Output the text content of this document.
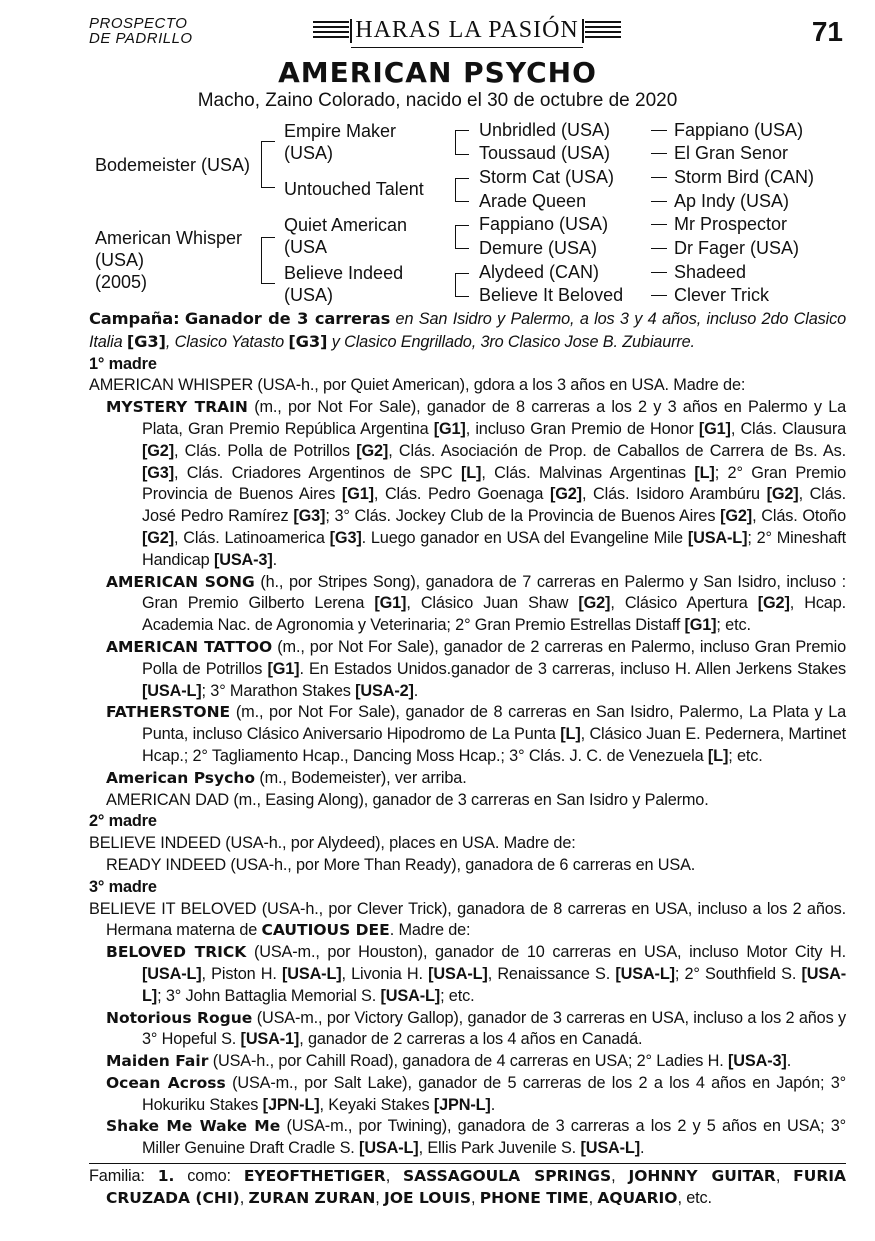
PROSPECTO
DE PADRILLO	HARAS LA PASIÓN	71
AMERICAN PSYCHO
Macho, Zaino Colorado, nacido el 30 de octubre de 2020
Bodemeister (USA)
American Whisper
(USA)
(2005)
Empire Maker
(USA)
Untouched Talent
Quiet American
(USA
Believe Indeed
(USA)
Unbridled (USA)
Toussaud (USA)
Storm Cat (USA)
Arade Queen
Fappiano (USA)
Demure (USA)
Alydeed (CAN)
Believe It Beloved
Fappiano (USA)
El Gran Senor
Storm Bird (CAN)
Ap Indy (USA)
Mr Prospector
Dr Fager (USA)
Shadeed
Clever Trick
Campaña: Ganador de 3 carreras en San Isidro y Palermo, a los 3 y 4 años, incluso 2do Clasico Italia [G3], Clasico Yatasto [G3] y Clasico Engrillado, 3ro Clasico Jose B. Zubiaurre.
1° madre
AMERICAN WHISPER (USA-h., por Quiet American), gdora a los 3 años en USA. Madre de:
MYSTERY TRAIN (m., por Not For Sale), ganador de 8 carreras a los 2 y 3 años en Palermo y La Plata, Gran Premio República Argentina [G1], incluso Gran Premio de Honor [G1], Clás. Clausura [G2], Clás. Polla de Potrillos [G2], Clás. Asociación de Prop. de Caballos de Carrera de Bs. As. [G3], Clás. Criadores Argentinos de SPC [L], Clás. Malvinas Argentinas [L]; 2° Gran Premio Provincia de Buenos Aires [G1], Clás. Pedro Goenaga [G2], Clás. Isidoro Arambúru [G2], Clás. José Pedro Ramírez [G3]; 3° Clás. Jockey Club de la Provincia de Buenos Aires [G2], Clás. Otoño [G2], Clás. Latinoamerica [G3]. Luego ganador en USA del Evangeline Mile [USA-L]; 2° Mineshaft Handicap [USA-3].
AMERICAN SONG (h., por Stripes Song), ganadora de 7 carreras en Palermo y San Isidro, incluso : Gran Premio Gilberto Lerena [G1], Clásico Juan Shaw [G2], Clásico Apertura [G2], Hcap. Academia Nac. de Agronomia y Veterinaria; 2° Gran Premio Estrellas Distaff [G1]; etc.
AMERICAN TATTOO (m., por Not For Sale), ganador de 2 carreras en Palermo, incluso Gran Premio Polla de Potrillos [G1]. En Estados Unidos.ganador de 3 carreras, incluso H. Allen Jerkens Stakes [USA-L]; 3° Marathon Stakes [USA-2].
FATHERSTONE (m., por Not For Sale), ganador de 8 carreras en San Isidro, Palermo, La Plata y La Punta, incluso Clásico Aniversario Hipodromo de La Punta [L], Clásico Juan E. Pedernera, Martinet Hcap.; 2° Tagliamento Hcap., Dancing Moss Hcap.; 3° Clás. J. C. de Venezuela [L]; etc.
American Psycho (m., Bodemeister), ver arriba.
AMERICAN DAD (m., Easing Along), ganador de 3 carreras en San Isidro y Palermo.
2° madre
BELIEVE INDEED (USA-h., por Alydeed), places en USA. Madre de:
READY INDEED (USA-h., por More Than Ready), ganadora de 6 carreras en USA.
3° madre
BELIEVE IT BELOVED (USA-h., por Clever Trick), ganadora de 8 carreras en USA, incluso a los 2 años. Hermana materna de CAUTIOUS DEE. Madre de:
BELOVED TRICK (USA-m., por Houston), ganador de 10 carreras en USA, incluso Motor City H. [USA-L], Piston H. [USA-L], Livonia H. [USA-L], Renaissance S. [USA-L]; 2° Southfield S. [USA-L]; 3° John Battaglia Memorial S. [USA-L]; etc.
Notorious Rogue (USA-m., por Victory Gallop), ganador de 3 carreras en USA, incluso a los 2 años y 3° Hopeful S. [USA-1], ganador de 2 carreras a los 4 años en Canadá.
Maiden Fair (USA-h., por Cahill Road), ganadora de 4 carreras en USA; 2° Ladies H. [USA-3].
Ocean Across (USA-m., por Salt Lake), ganador de 5 carreras de los 2 a los 4 años en Japón; 3° Hokuriku Stakes [JPN-L], Keyaki Stakes [JPN-L].
Shake Me Wake Me (USA-m., por Twining), ganadora de 3 carreras a los 2 y 5 años en USA; 3° Miller Genuine Draft Cradle S. [USA-L], Ellis Park Juvenile S. [USA-L].
Familia: 1. como: EYEOFTHETIGER, SASSAGOULA SPRINGS, JOHNNY GUITAR, FURIA CRUZADA (CHI), ZURAN ZURAN, JOE LOUIS, PHONE TIME, AQUARIO, etc.
